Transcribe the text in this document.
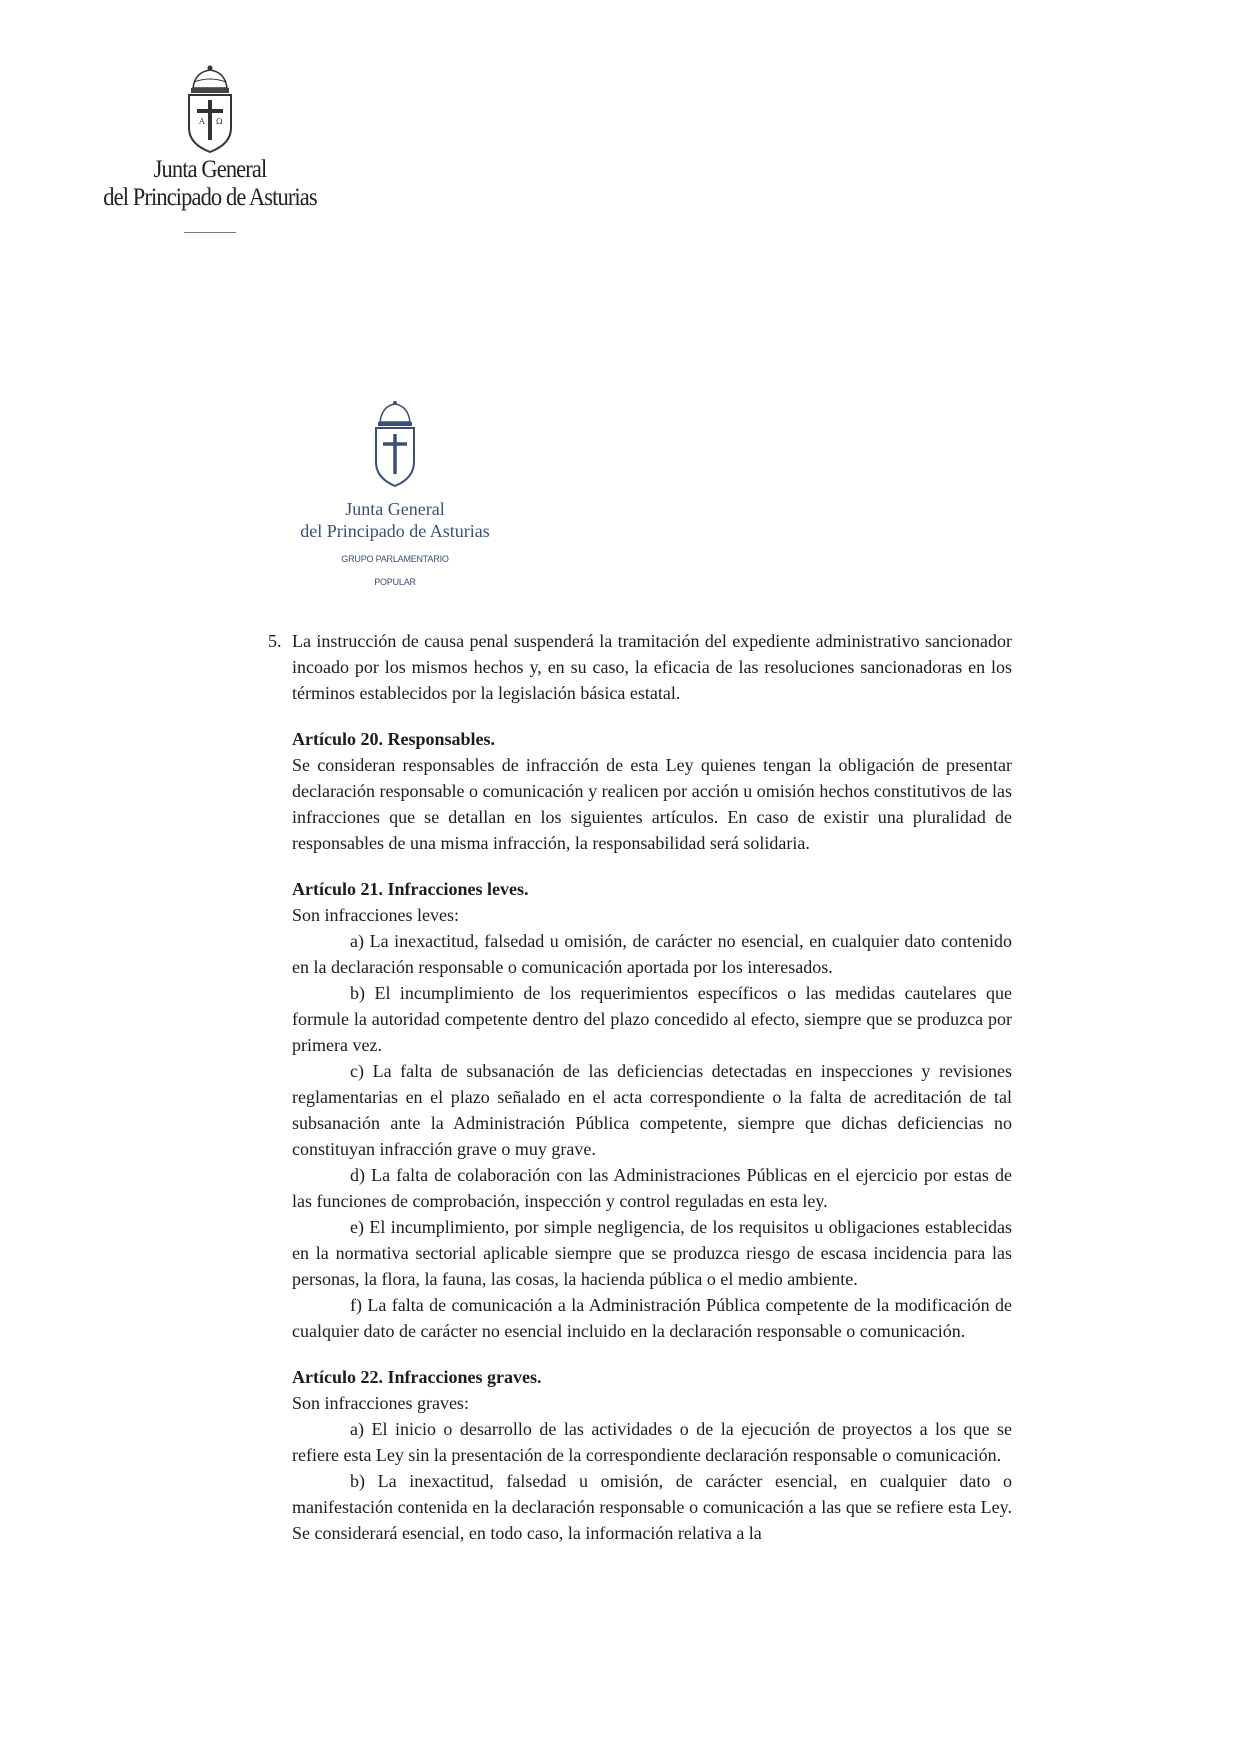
A Ω
Junta General
del Principado de Asturias
Junta General
del Principado de Asturias
GRUPO PARLAMENTARIO
POPULAR

5. La instrucción de causa penal suspenderá la tramitación del expediente administrativo sancionador incoado por los mismos hechos y, en su caso, la eficacia de las resoluciones sancionadoras en los términos establecidos por la legislación básica estatal.

Artículo 20. Responsables.

Se consideran responsables de infracción de esta Ley quienes tengan la obligación de presentar declaración responsable o comunicación y realicen por acción u omisión hechos constitutivos de las infracciones que se detallan en los siguientes artículos. En caso de existir una pluralidad de responsables de una misma infracción, la responsabilidad será solidaria.

Artículo 21. Infracciones leves.

Son infracciones leves:

a) La inexactitud, falsedad u omisión, de carácter no esencial, en cualquier dato contenido en la declaración responsable o comunicación aportada por los interesados.

b) El incumplimiento de los requerimientos específicos o las medidas cautelares que formule la autoridad competente dentro del plazo concedido al efecto, siempre que se produzca por primera vez.

c) La falta de subsanación de las deficiencias detectadas en inspecciones y revisiones reglamentarias en el plazo señalado en el acta correspondiente o la falta de acreditación de tal subsanación ante la Administración Pública competente, siempre que dichas deficiencias no constituyan infracción grave o muy grave.

d) La falta de colaboración con las Administraciones Públicas en el ejercicio por estas de las funciones de comprobación, inspección y control reguladas en esta ley.

e) El incumplimiento, por simple negligencia, de los requisitos u obligaciones establecidas en la normativa sectorial aplicable siempre que se produzca riesgo de escasa incidencia para las personas, la flora, la fauna, las cosas, la hacienda pública o el medio ambiente.

f) La falta de comunicación a la Administración Pública competente de la modificación de cualquier dato de carácter no esencial incluido en la declaración responsable o comunicación.

Artículo 22. Infracciones graves.

Son infracciones graves:

a) El inicio o desarrollo de las actividades o de la ejecución de proyectos a los que se refiere esta Ley sin la presentación de la correspondiente declaración responsable o comunicación.

b) La inexactitud, falsedad u omisión, de carácter esencial, en cualquier dato o manifestación contenida en la declaración responsable o comunicación a las que se refiere esta Ley. Se considerará esencial, en todo caso, la información relativa a la
